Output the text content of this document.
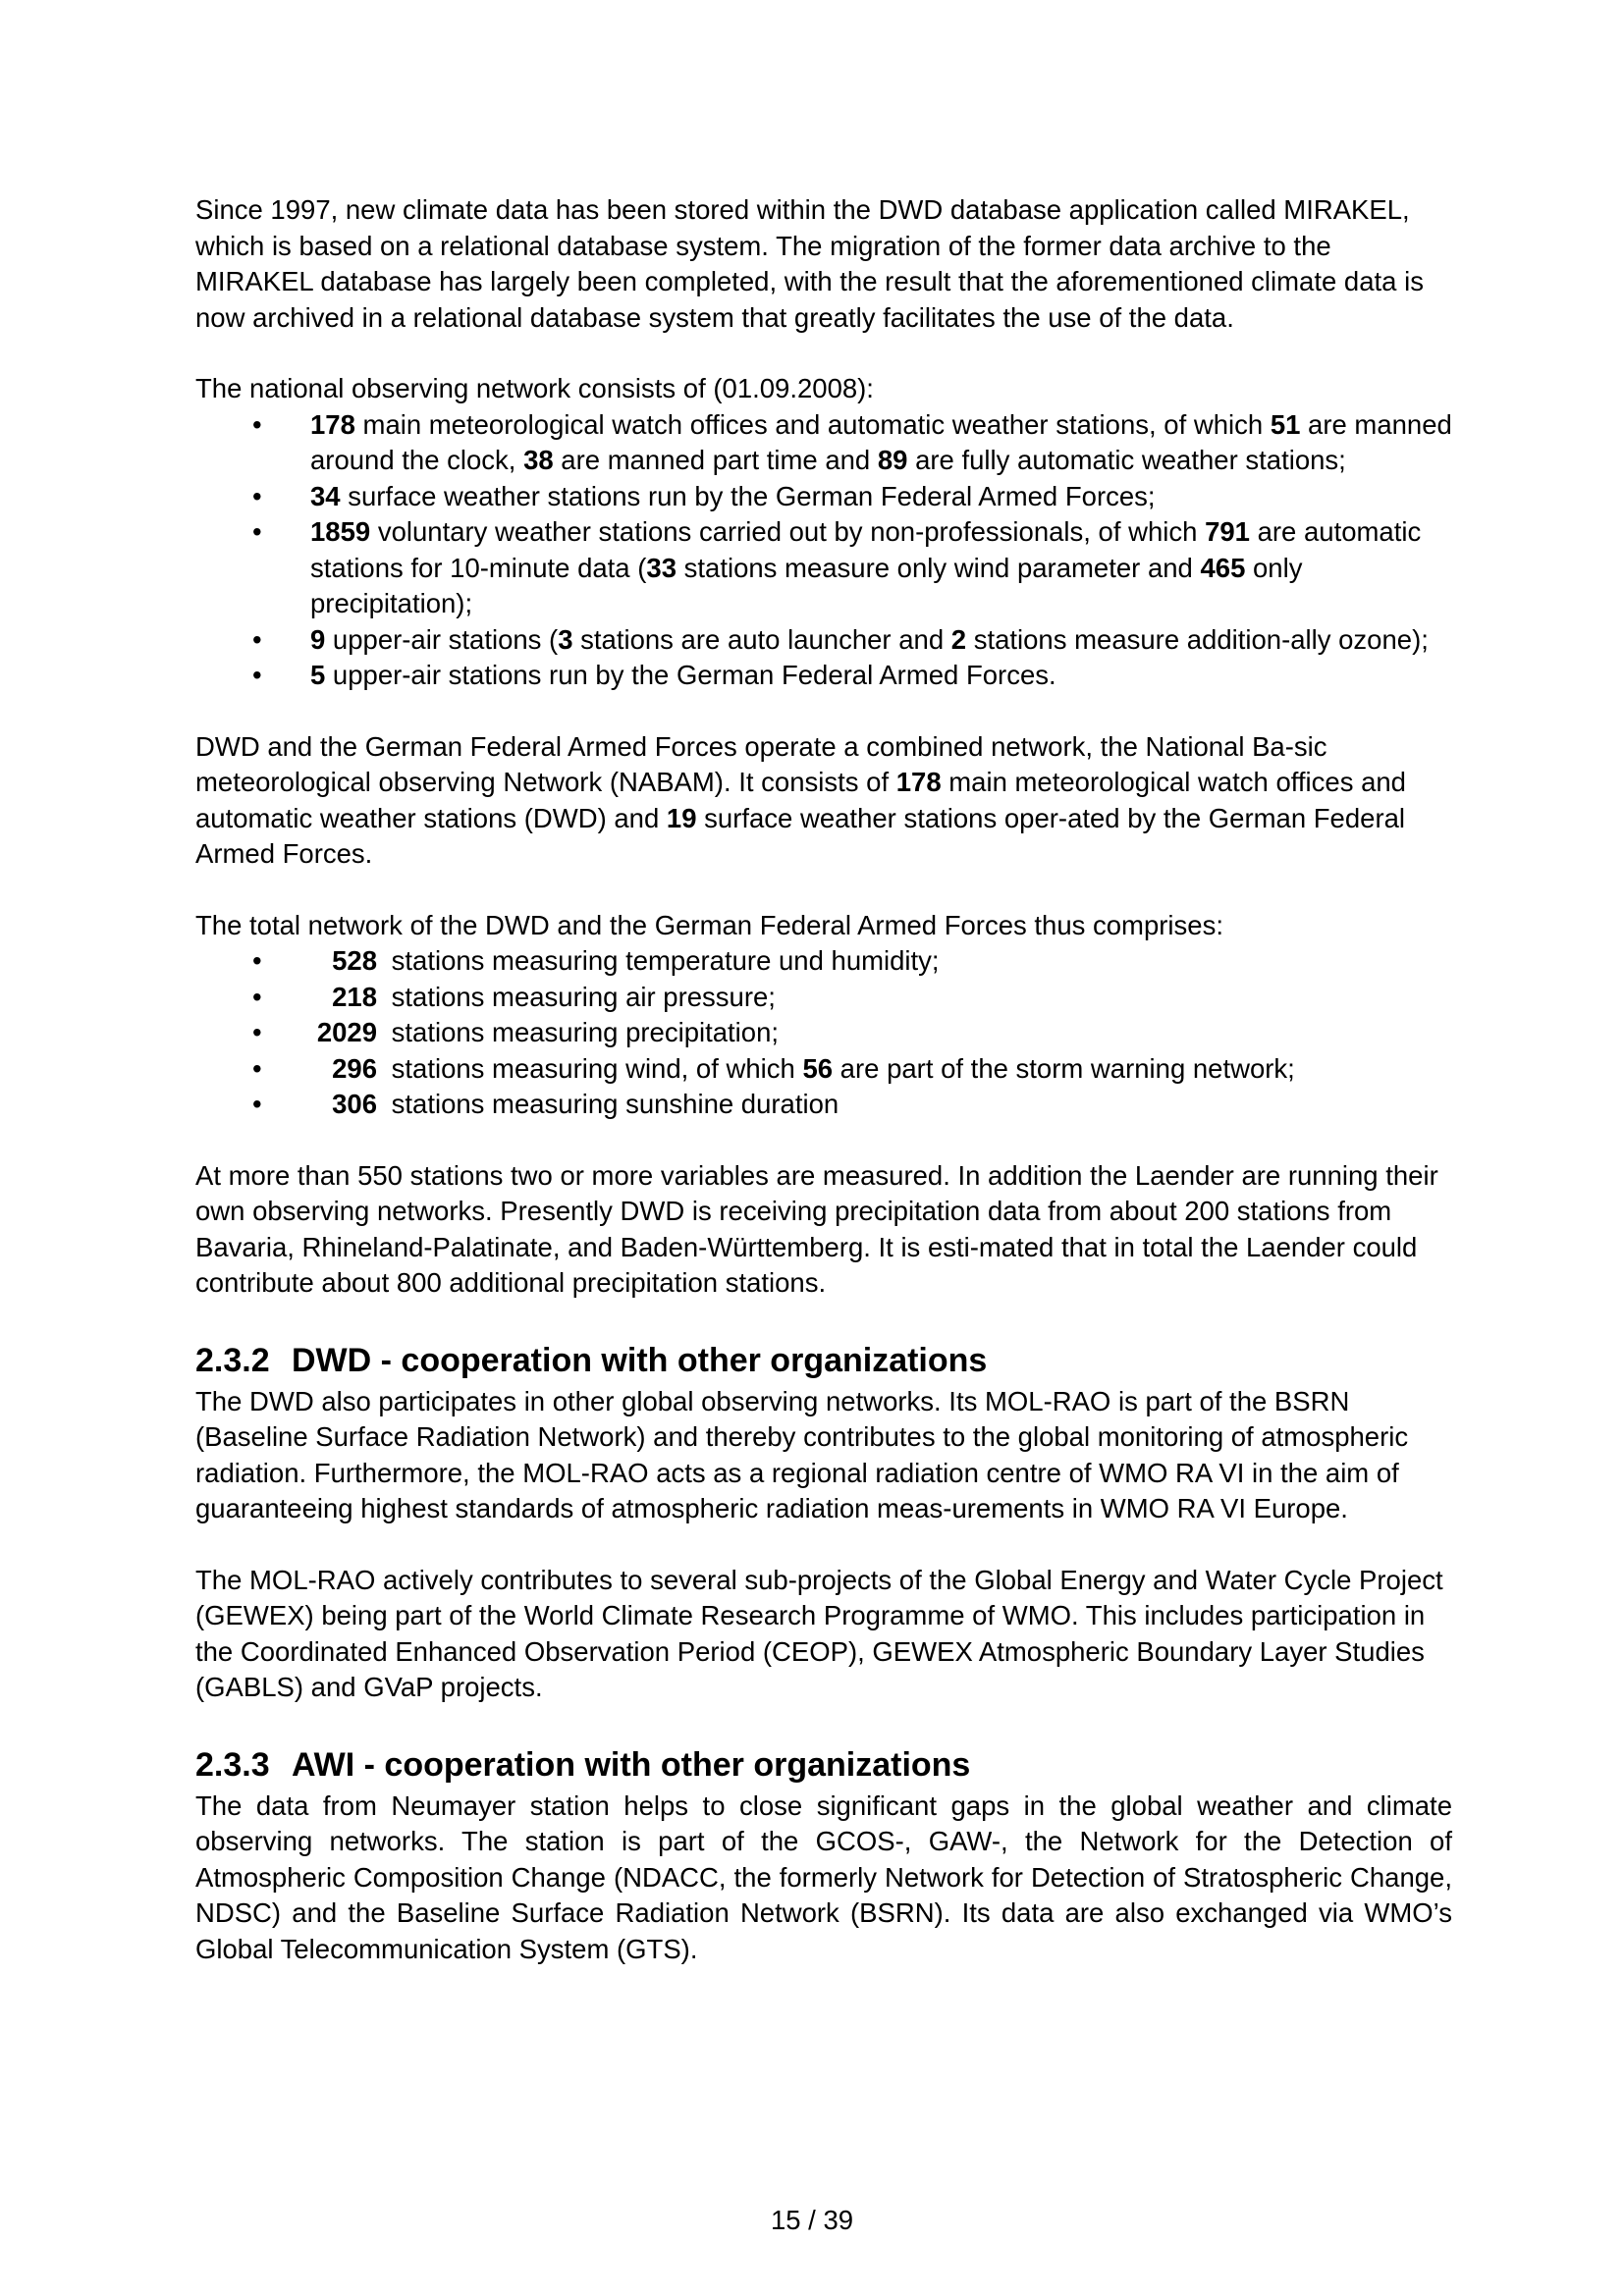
Since 1997, new climate data has been stored within the DWD database application called MIRAKEL, which is based on a relational database system. The migration of the former data archive to the MIRAKEL database has largely been completed, with the result that the aforementioned climate data is now archived in a relational database system that greatly facilitates the use of the data.

The national observing network consists of (01.09.2008):

• 178 main meteorological watch offices and automatic weather stations, of which 51 are manned around the clock, 38 are manned part time and 89 are fully automatic weather stations;
• 34 surface weather stations run by the German Federal Armed Forces;
• 1859 voluntary weather stations carried out by non-professionals, of which 791 are automatic stations for 10-minute data (33 stations measure only wind parameter and 465 only precipitation);
• 9 upper-air stations (3 stations are auto launcher and 2 stations measure addition-ally ozone);
• 5 upper-air stations run by the German Federal Armed Forces.

DWD and the German Federal Armed Forces operate a combined network, the National Ba-sic meteorological observing Network (NABAM). It consists of 178 main meteorological watch offices and automatic weather stations (DWD) and 19 surface weather stations oper-ated by the German Federal Armed Forces.

The total network of the DWD and the German Federal Armed Forces thus comprises:

• 528 stations measuring temperature und humidity;
• 218 stations measuring air pressure;
• 2029 stations measuring precipitation;
• 296 stations measuring wind, of which 56 are part of the storm warning network;
• 306 stations measuring sunshine duration

At more than 550 stations two or more variables are measured. In addition the Laender are running their own observing networks. Presently DWD is receiving precipitation data from about 200 stations from Bavaria, Rhineland-Palatinate, and Baden-Württemberg. It is esti-mated that in total the Laender could contribute about 800 additional precipitation stations.

2.3.2 DWD - cooperation with other organizations

The DWD also participates in other global observing networks. Its MOL-RAO is part of the BSRN (Baseline Surface Radiation Network) and thereby contributes to the global monitoring of atmospheric radiation. Furthermore, the MOL-RAO acts as a regional radiation centre of WMO RA VI in the aim of guaranteeing highest standards of atmospheric radiation meas-urements in WMO RA VI Europe.

The MOL-RAO actively contributes to several sub-projects of the Global Energy and Water Cycle Project (GEWEX) being part of the World Climate Research Programme of WMO. This includes participation in the Coordinated Enhanced Observation Period (CEOP), GEWEX Atmospheric Boundary Layer Studies (GABLS) and GVaP projects.

2.3.3 AWI - cooperation with other organizations

The data from Neumayer station helps to close significant gaps in the global weather and climate observing networks. The station is part of the GCOS-, GAW-, the Network for the Detection of Atmospheric Composition Change (NDACC, the formerly Network for Detection of Stratospheric Change, NDSC) and the Baseline Surface Radiation Network (BSRN). Its data are also exchanged via WMO’s Global Telecommunication System (GTS).

15 / 39
